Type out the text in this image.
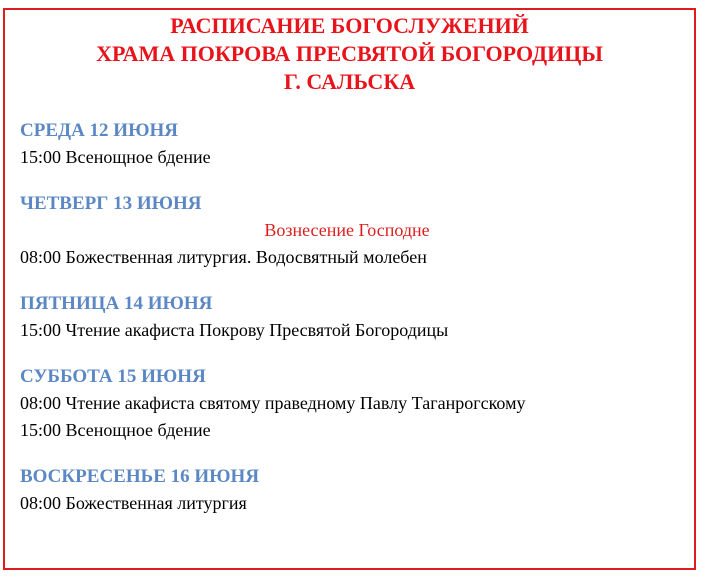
РАСПИСАНИЕ БОГОСЛУЖЕНИЙ
ХРАМА ПОКРОВА ПРЕСВЯТОЙ БОГОРОДИЦЫ
Г. САЛЬСКА
СРЕДА 12 ИЮНЯ
15:00 Всенощное бдение
ЧЕТВЕРГ 13 ИЮНЯ
Вознесение Господне
08:00 Божественная литургия. Водосвятный молебен
ПЯТНИЦА 14 ИЮНЯ
15:00 Чтение акафиста Покрову Пресвятой Богородицы
СУББОТА 15 ИЮНЯ
08:00 Чтение акафиста святому праведному Павлу Таганрогскому
15:00 Всенощное бдение
ВОСКРЕСЕНЬЕ 16 ИЮНЯ
08:00 Божественная литургия
